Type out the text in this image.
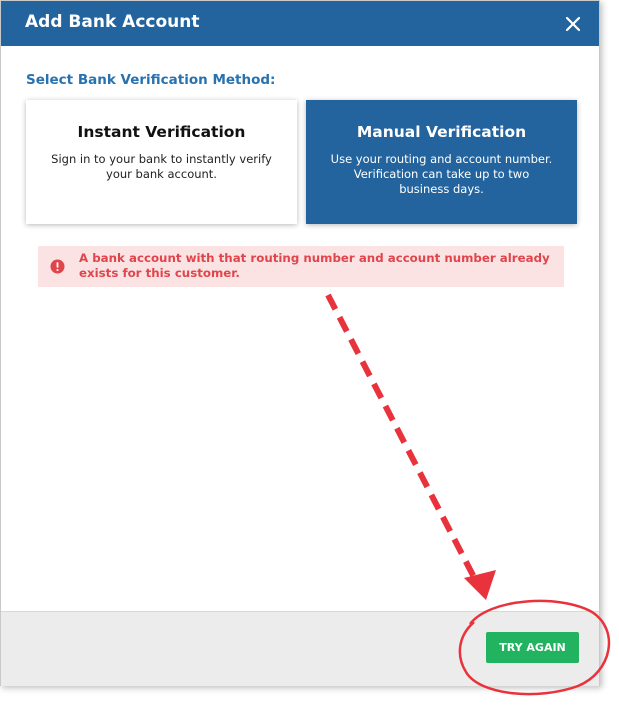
Add Bank Account
Select Bank Verification Method:
Instant Verification
Sign in to your bank to instantly verify your bank account.
Manual Verification
Use your routing and account number. Verification can take up to two business days.
A bank account with that routing number and account number already exists for this customer.
TRY AGAIN
